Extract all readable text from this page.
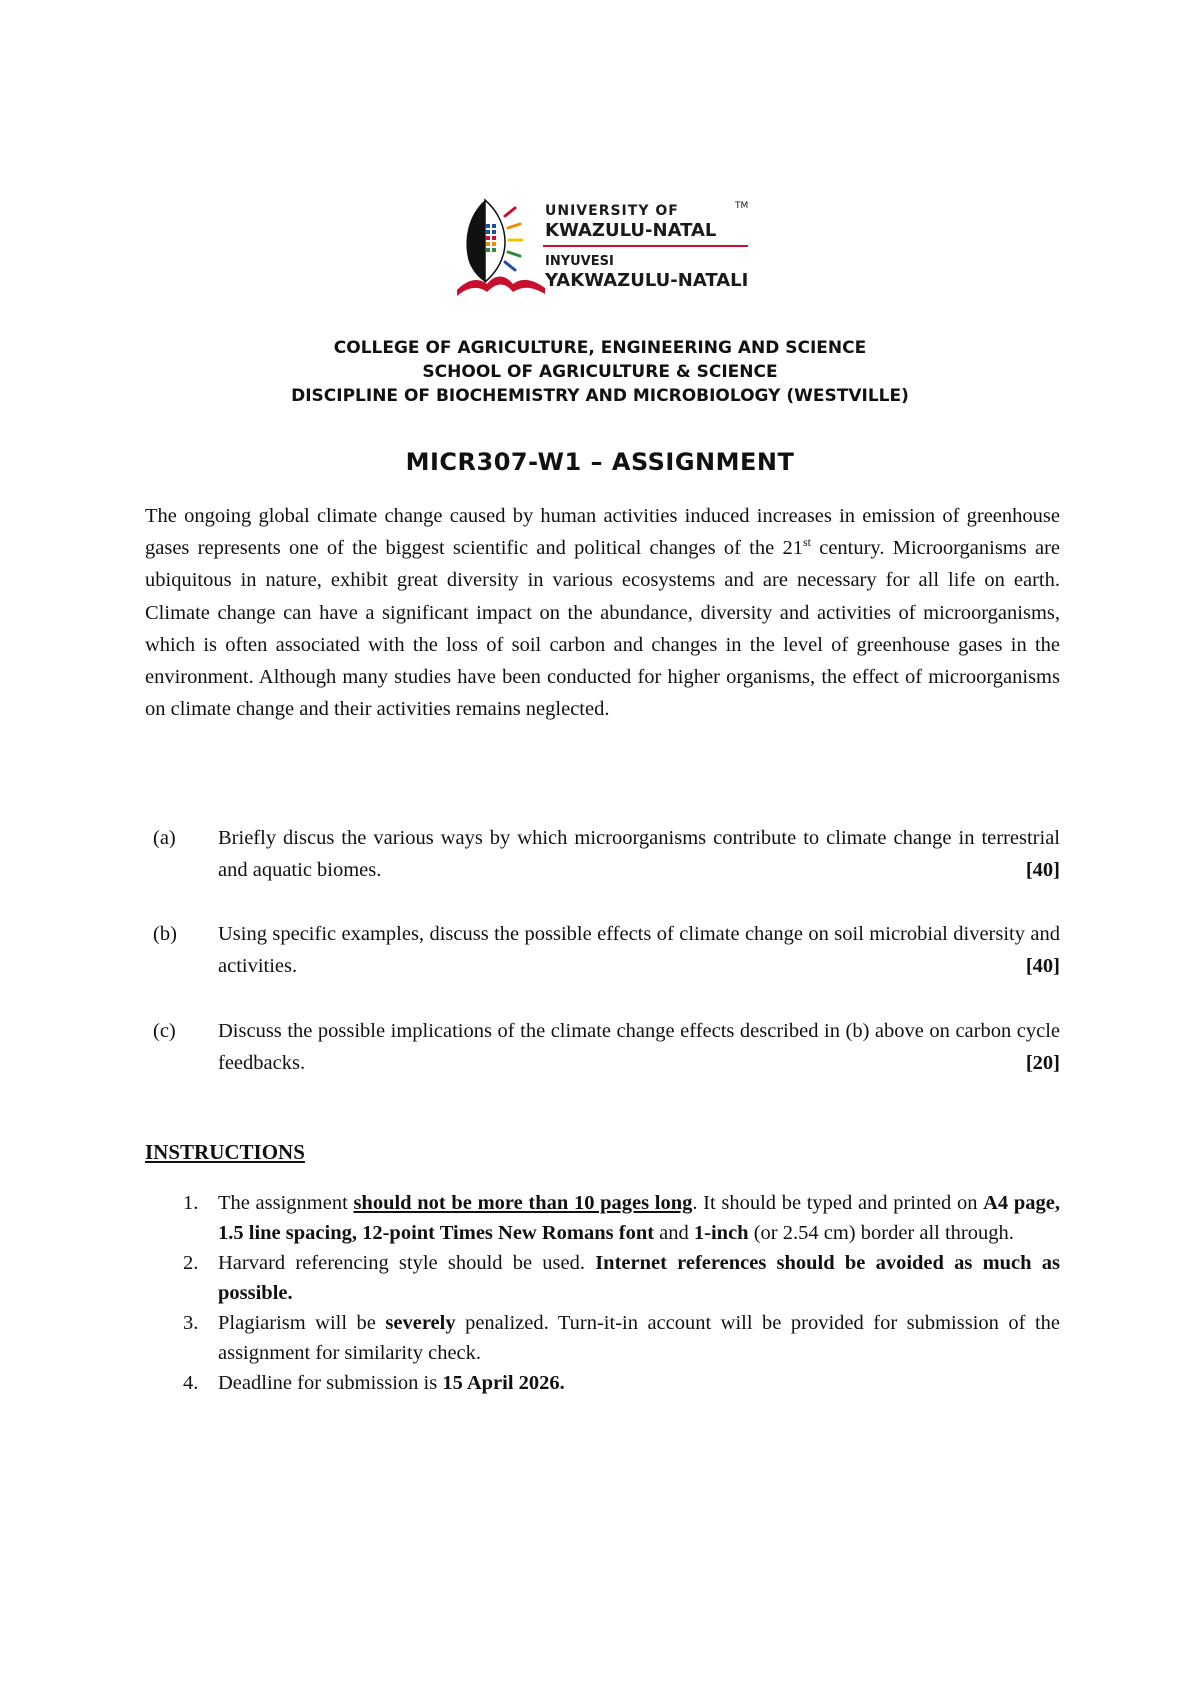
UNIVERSITY OF	TM
KWAZULU-NATAL
INYUVESI
YAKWAZULU-NATALI
COLLEGE OF AGRICULTURE, ENGINEERING AND SCIENCE
SCHOOL OF AGRICULTURE & SCIENCE
DISCIPLINE OF BIOCHEMISTRY AND MICROBIOLOGY (WESTVILLE)
MICR307-W1 – ASSIGNMENT
The ongoing global climate change caused by human activities induced increases in emission of greenhouse gases represents one of the biggest scientific and political changes of the 21st century. Microorganisms are ubiquitous in nature, exhibit great diversity in various ecosystems and are necessary for all life on earth. Climate change can have a significant impact on the abundance, diversity and activities of microorganisms, which is often associated with the loss of soil carbon and changes in the level of greenhouse gases in the environment. Although many studies have been conducted for higher organisms, the effect of microorganisms on climate change and their activities remains neglected.
(a) Briefly discus the various ways by which microorganisms contribute to climate change in terrestrial and aquatic biomes.	[40]
(b) Using specific examples, discuss the possible effects of climate change on soil microbial diversity and activities.	[40]
(c) Discuss the possible implications of the climate change effects described in (b) above on carbon cycle feedbacks.	[20]
INSTRUCTIONS
1. The assignment should not be more than 10 pages long. It should be typed and printed on A4 page, 1.5 line spacing, 12-point Times New Romans font and 1-inch (or 2.54 cm) border all through.
2. Harvard referencing style should be used. Internet references should be avoided as much as possible.
3. Plagiarism will be severely penalized. Turn-it-in account will be provided for submission of the assignment for similarity check.
4. Deadline for submission is 15 April 2026.
